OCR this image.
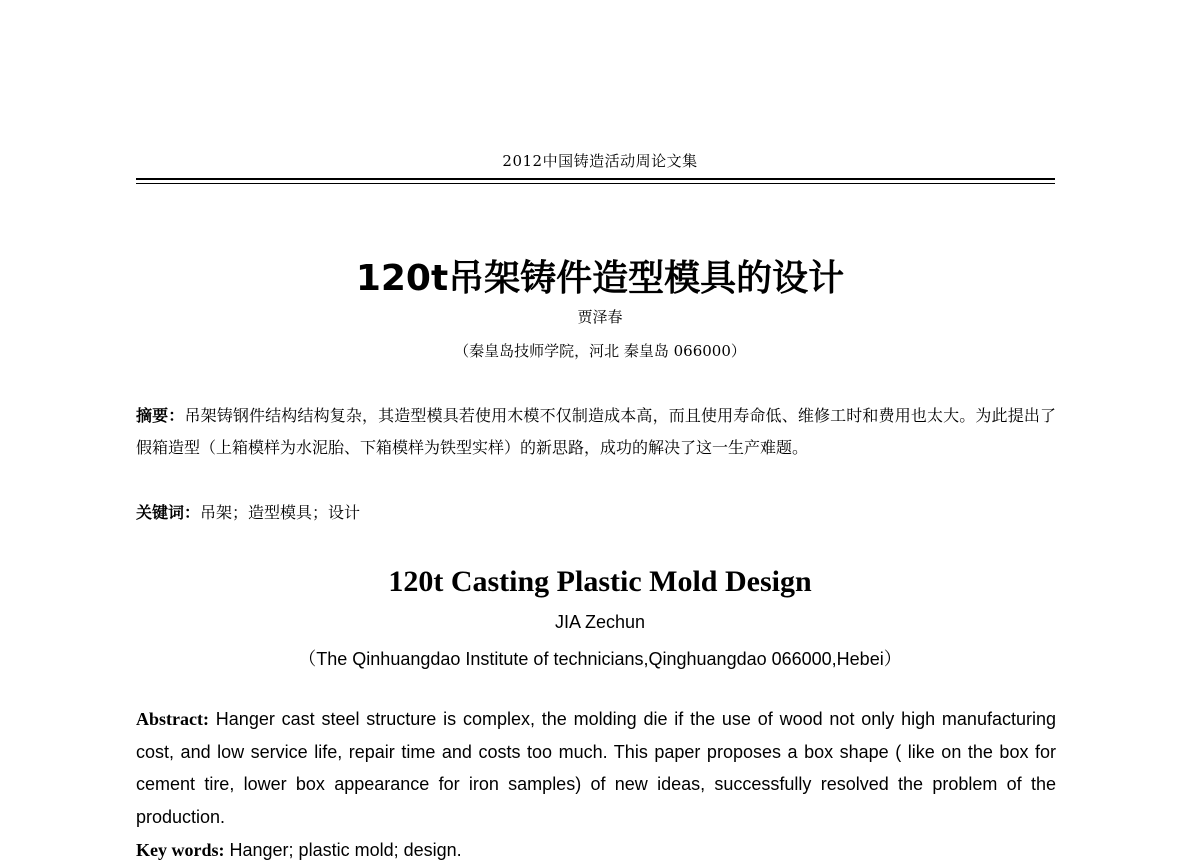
2012中国铸造活动周论文集
120t吊架铸件造型模具的设计
贾泽春
（秦皇岛技师学院，河北 秦皇岛 066000）
摘要：吊架铸钢件结构结构复杂，其造型模具若使用木模不仅制造成本高，而且使用寿命低、维修工时和费用也太大。为此提出了假箱造型（上箱模样为水泥胎、下箱模样为铁型实样）的新思路，成功的解决了这一生产难题。
关键词：吊架；造型模具；设计
120t Casting Plastic Mold Design
JIA Zechun
（The Qinhuangdao Institute of technicians,Qinghuangdao 066000,Hebei）
Abstract: Hanger cast steel structure is complex, the molding die if the use of wood not only high manufacturing cost, and low service life, repair time and costs too much. This paper proposes a box shape ( like on the box for cement tire, lower box appearance for iron samples) of new ideas, successfully resolved the problem of the production.
Key words: Hanger; plastic mold; design.
